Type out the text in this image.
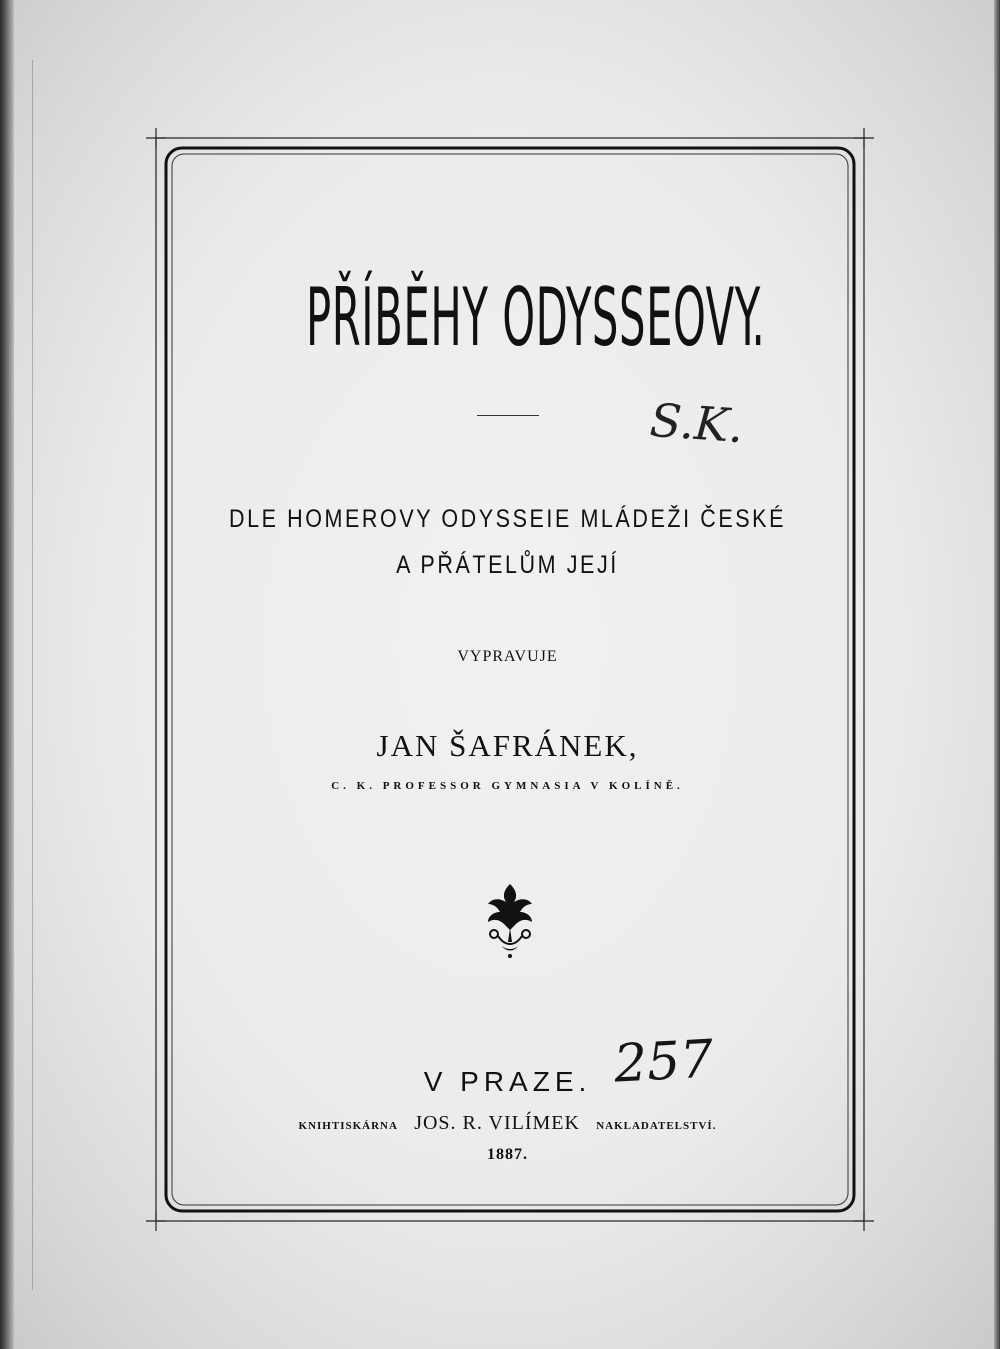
PŘÍBĚHY ODYSSEOVY.
S.K.
DLE HOMEROVY ODYSSEIE MLÁDEŽI ČESKÉ
A PŘÁTELŮM JEJÍ
VYPRAVUJE
JAN ŠAFRÁNEK,
C. K. PROFESSOR GYMNASIA V KOLÍNĚ.
V PRAZE. 257
KNIHTISKÁRNA JOS. R. VILÍMEK NAKLADATELSTVÍ.
1887.
